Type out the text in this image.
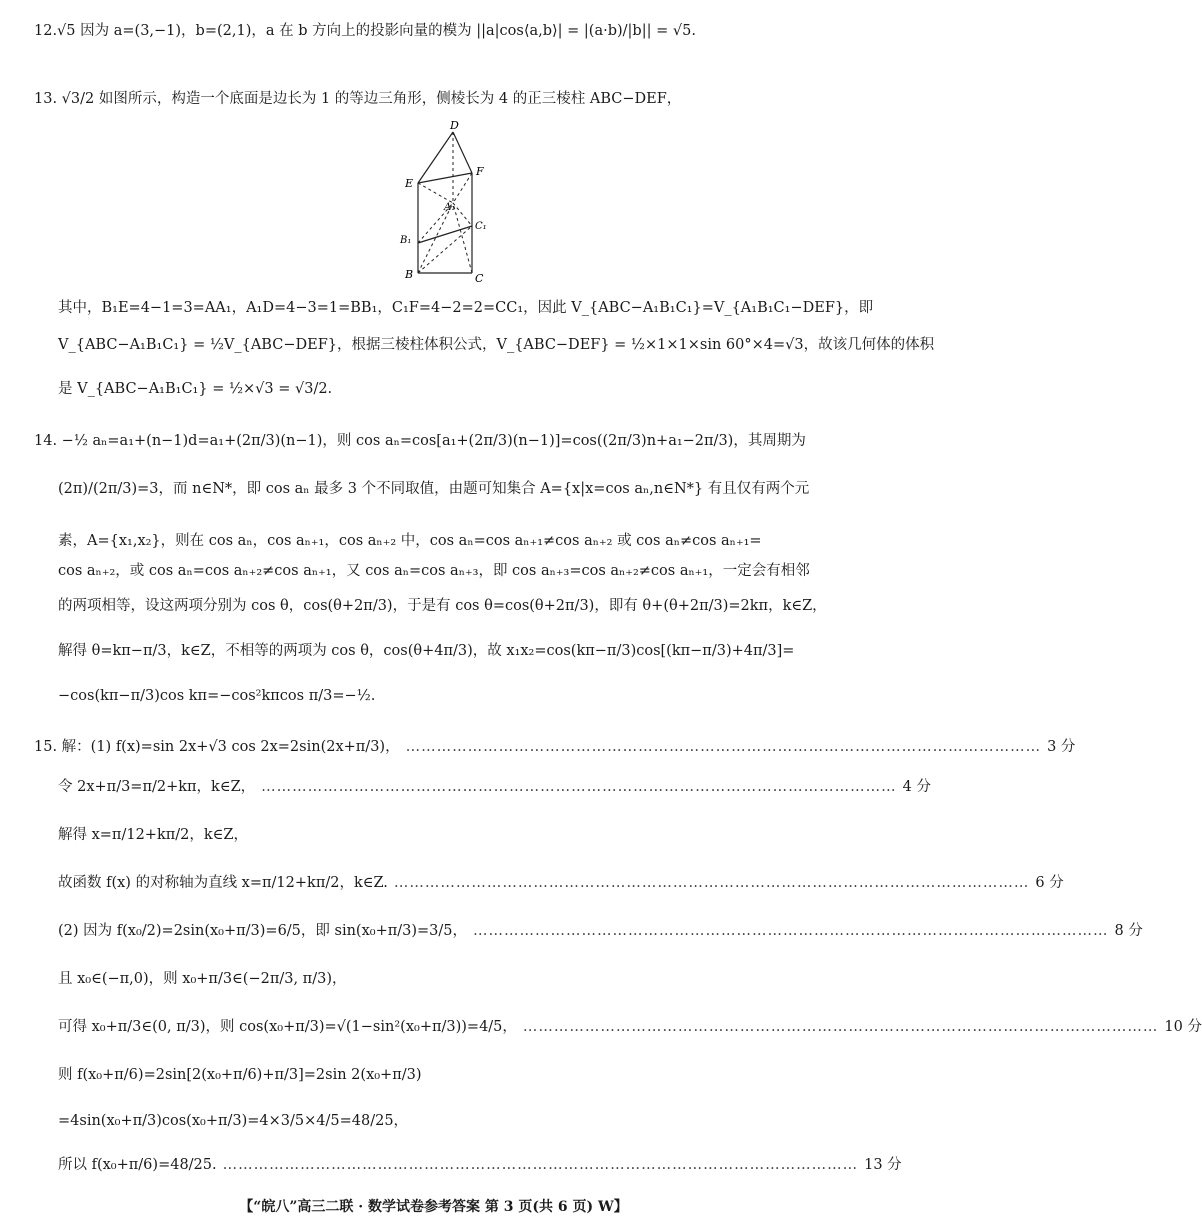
12.√5 因为 a=(3,−1)，b=(2,1)，a 在 b 方向上的投影向量的模为 ||a|cos⟨a,b⟩| = |(a·b)/|b|| = √5.
13. √3/2 如图所示，构造一个底面是边长为 1 的等边三角形，侧棱长为 4 的正三棱柱 ABC−DEF，
D
E
F
A₁
B₁
C₁
B	C
其中，B₁E=4−1=3=AA₁，A₁D=4−3=1=BB₁，C₁F=4−2=2=CC₁，因此 V_{ABC−A₁B₁C₁}=V_{A₁B₁C₁−DEF}，即
V_{ABC−A₁B₁C₁} = ½V_{ABC−DEF}，根据三棱柱体积公式，V_{ABC−DEF} = ½×1×1×sin 60°×4=√3，故该几何体的体积
是 V_{ABC−A₁B₁C₁} = ½×√3 = √3/2.
14. −½ aₙ=a₁+(n−1)d=a₁+(2π/3)(n−1)，则 cos aₙ=cos[a₁+(2π/3)(n−1)]=cos((2π/3)n+a₁−2π/3)，其周期为
(2π)/(2π/3)=3，而 n∈N*，即 cos aₙ 最多 3 个不同取值，由题可知集合 A={x|x=cos aₙ,n∈N*} 有且仅有两个元
素，A={x₁,x₂}，则在 cos aₙ，cos aₙ₊₁，cos aₙ₊₂ 中，cos aₙ=cos aₙ₊₁≠cos aₙ₊₂ 或 cos aₙ≠cos aₙ₊₁=
cos aₙ₊₂，或 cos aₙ=cos aₙ₊₂≠cos aₙ₊₁，又 cos aₙ=cos aₙ₊₃，即 cos aₙ₊₃=cos aₙ₊₂≠cos aₙ₊₁，一定会有相邻
的两项相等，设这两项分别为 cos θ，cos(θ+2π/3)，于是有 cos θ=cos(θ+2π/3)，即有 θ+(θ+2π/3)=2kπ，k∈Z，
解得 θ=kπ−π/3，k∈Z，不相等的两项为 cos θ，cos(θ+4π/3)，故 x₁x₂=cos(kπ−π/3)cos[(kπ−π/3)+4π/3]=
−cos(kπ−π/3)cos kπ=−cos²kπcos π/3=−½.
15. 解：(1) f(x)=sin 2x+√3 cos 2x=2sin(2x+π/3)， …………………………………………………………………………………………………………… 3 分
令 2x+π/3=π/2+kπ，k∈Z， …………………………………………………………………………………………………………… 4 分
解得 x=π/12+kπ/2，k∈Z，
故函数 f(x) 的对称轴为直线 x=π/12+kπ/2，k∈Z. …………………………………………………………………………………………………………… 6 分
(2) 因为 f(x₀/2)=2sin(x₀+π/3)=6/5，即 sin(x₀+π/3)=3/5， …………………………………………………………………………………………………………… 8 分
且 x₀∈(−π,0)，则 x₀+π/3∈(−2π/3, π/3)，
可得 x₀+π/3∈(0, π/3)，则 cos(x₀+π/3)=√(1−sin²(x₀+π/3))=4/5， …………………………………………………………………………………………………………… 10 分
则 f(x₀+π/6)=2sin[2(x₀+π/6)+π/3]=2sin 2(x₀+π/3)
=4sin(x₀+π/3)cos(x₀+π/3)=4×3/5×4/5=48/25，
所以 f(x₀+π/6)=48/25. …………………………………………………………………………………………………………… 13 分
【“皖八”高三二联 · 数学试卷参考答案 第 3 页(共 6 页) W】
